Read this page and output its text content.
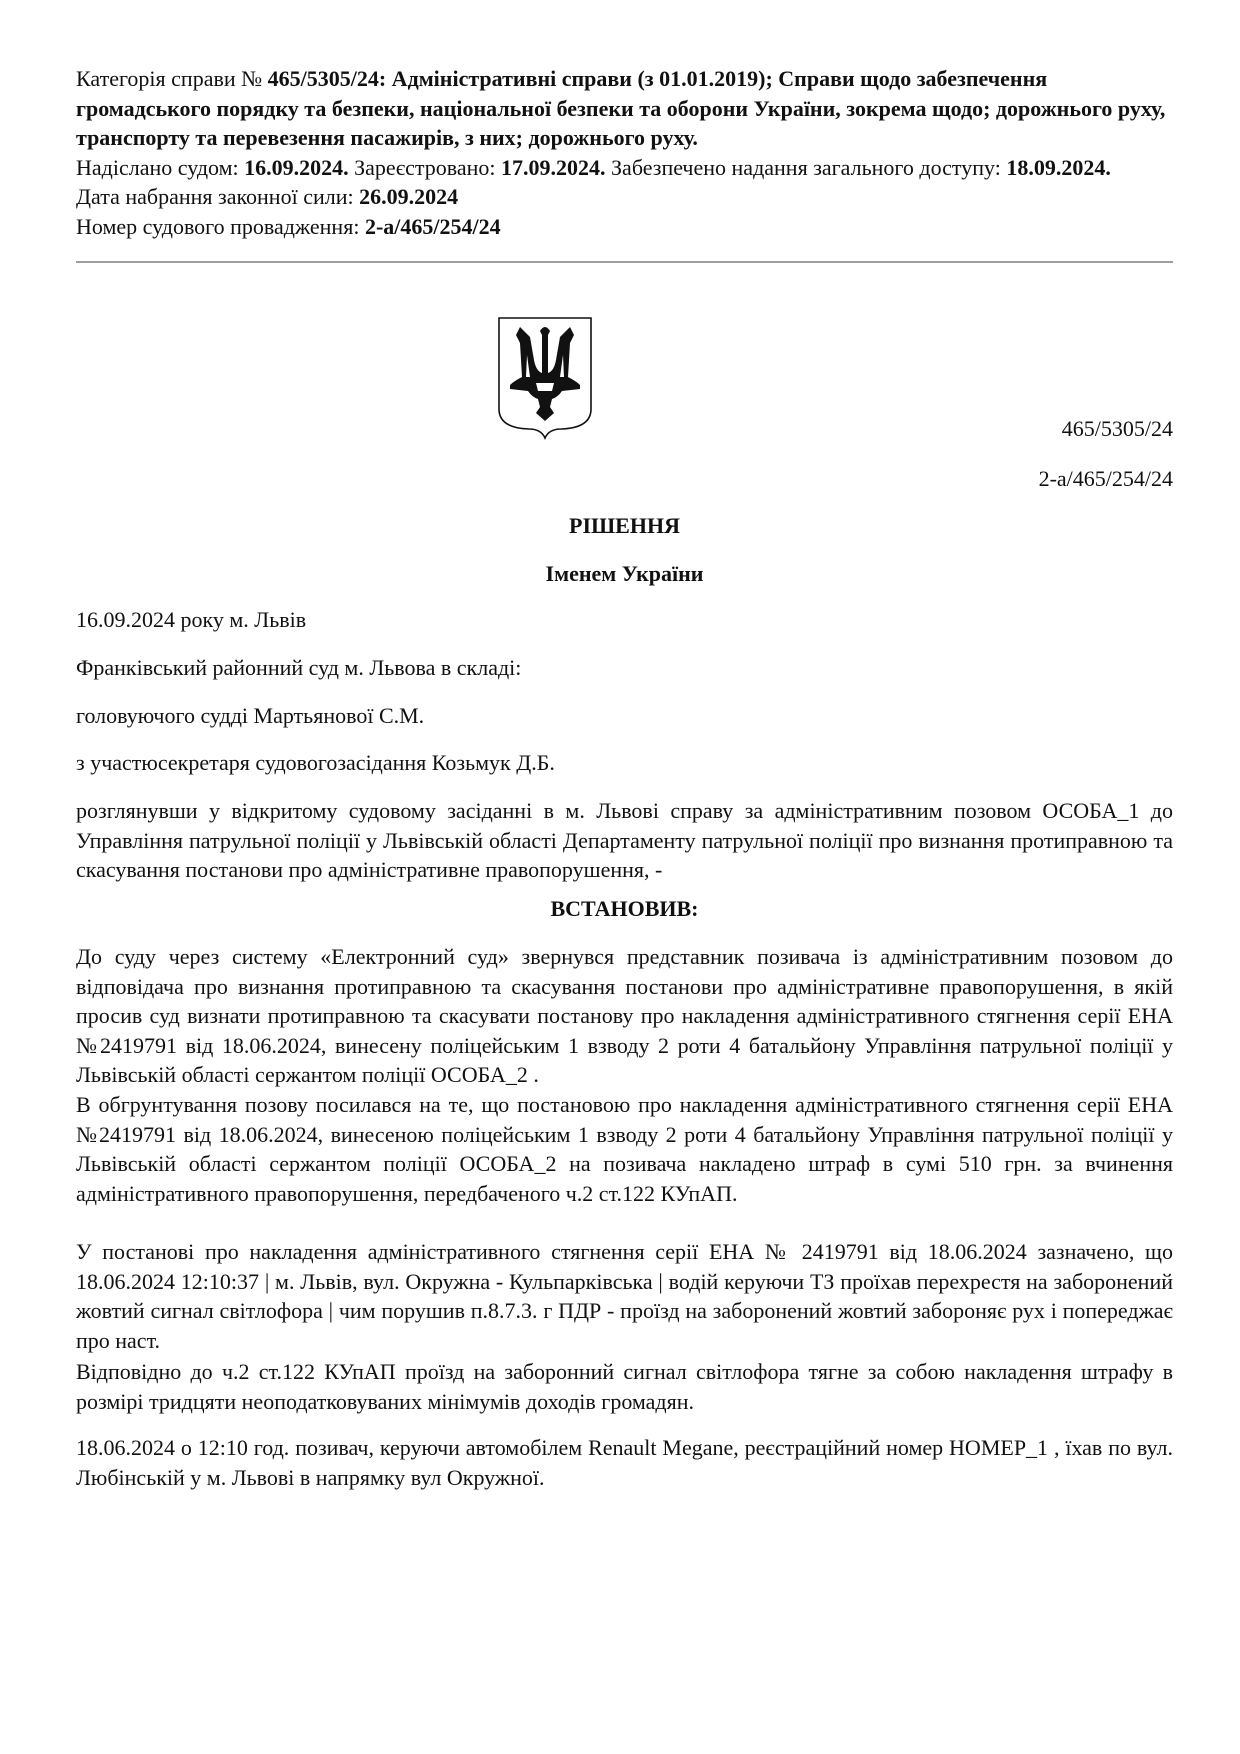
Категорія справи № 465/5305/24: Адміністративні справи (з 01.01.2019); Справи щодо забезпечення громадського порядку та безпеки, національної безпеки та оборони України, зокрема щодо; дорожнього руху, транспорту та перевезення пасажирів, з них; дорожнього руху.

Надіслано судом: 16.09.2024. Зареєстровано: 17.09.2024. Забезпечено надання загального доступу: 18.09.2024.

Дата набрання законної сили: 26.09.2024

Номер судового провадження: 2-а/465/254/24

465/5305/24
2-а/465/254/24
РІШЕННЯ
Іменем України
16.09.2024 року м. Львів
Франківський районний суд м. Львова в складі:
головуючого судді Мартьянової С.М.
з участюсекретаря судовогозасідання Козьмук Д.Б.
розглянувши у відкритому судовому засіданні в м. Львові справу за адміністративним позовом ОСОБА_1 до Управління патрульної поліції у Львівській області Департаменту патрульної поліції про визнання протиправною та скасування постанови про адміністративне правопорушення, -
ВСТАНОВИВ:
До суду через систему «Електронний суд» звернувся представник позивача із адміністративним позовом до відповідача про визнання протиправною та скасування постанови про адміністративне правопорушення, в якій просив суд визнати протиправною та скасувати постанову про накладення адміністративного стягнення серії ЕНА №2419791 від 18.06.2024, винесену поліцейським 1 взводу 2 роти 4 батальйону Управління патрульної поліції у Львівській області сержантом поліції ОСОБА_2 .
В обгрунтування позову посилався на те, що постановою про накладення адміністративного стягнення серії ЕНА №2419791 від 18.06.2024, винесеною поліцейським 1 взводу 2 роти 4 батальйону Управління патрульної поліції у Львівській області сержантом поліції ОСОБА_2 на позивача накладено штраф в сумі 510 грн. за вчинення адміністративного правопорушення, передбаченого ч.2 ст.122 КУпАП.
У постанові про накладення адміністративного стягнення серії ЕНА № 2419791 від 18.06.2024 зазначено, що 18.06.2024 12:10:37 | м. Львів, вул. Окружна - Кульпарківська | водій керуючи ТЗ проїхав перехрестя на заборонений жовтий сигнал світлофора | чим порушив п.8.7.3. г ПДР - проїзд на заборонений жовтий забороняє рух і попереджає про наст.
Відповідно до ч.2 ст.122 КУпАП проїзд на заборонний сигнал світлофора тягне за собою накладення штрафу в розмірі тридцяти неоподатковуваних мінімумів доходів громадян.
18.06.2024 о 12:10 год. позивач, керуючи автомобілем Renault Megane, реєстраційний номер НОМЕР_1 , їхав по вул. Любінській у м. Львові в напрямку вул Окружної.
